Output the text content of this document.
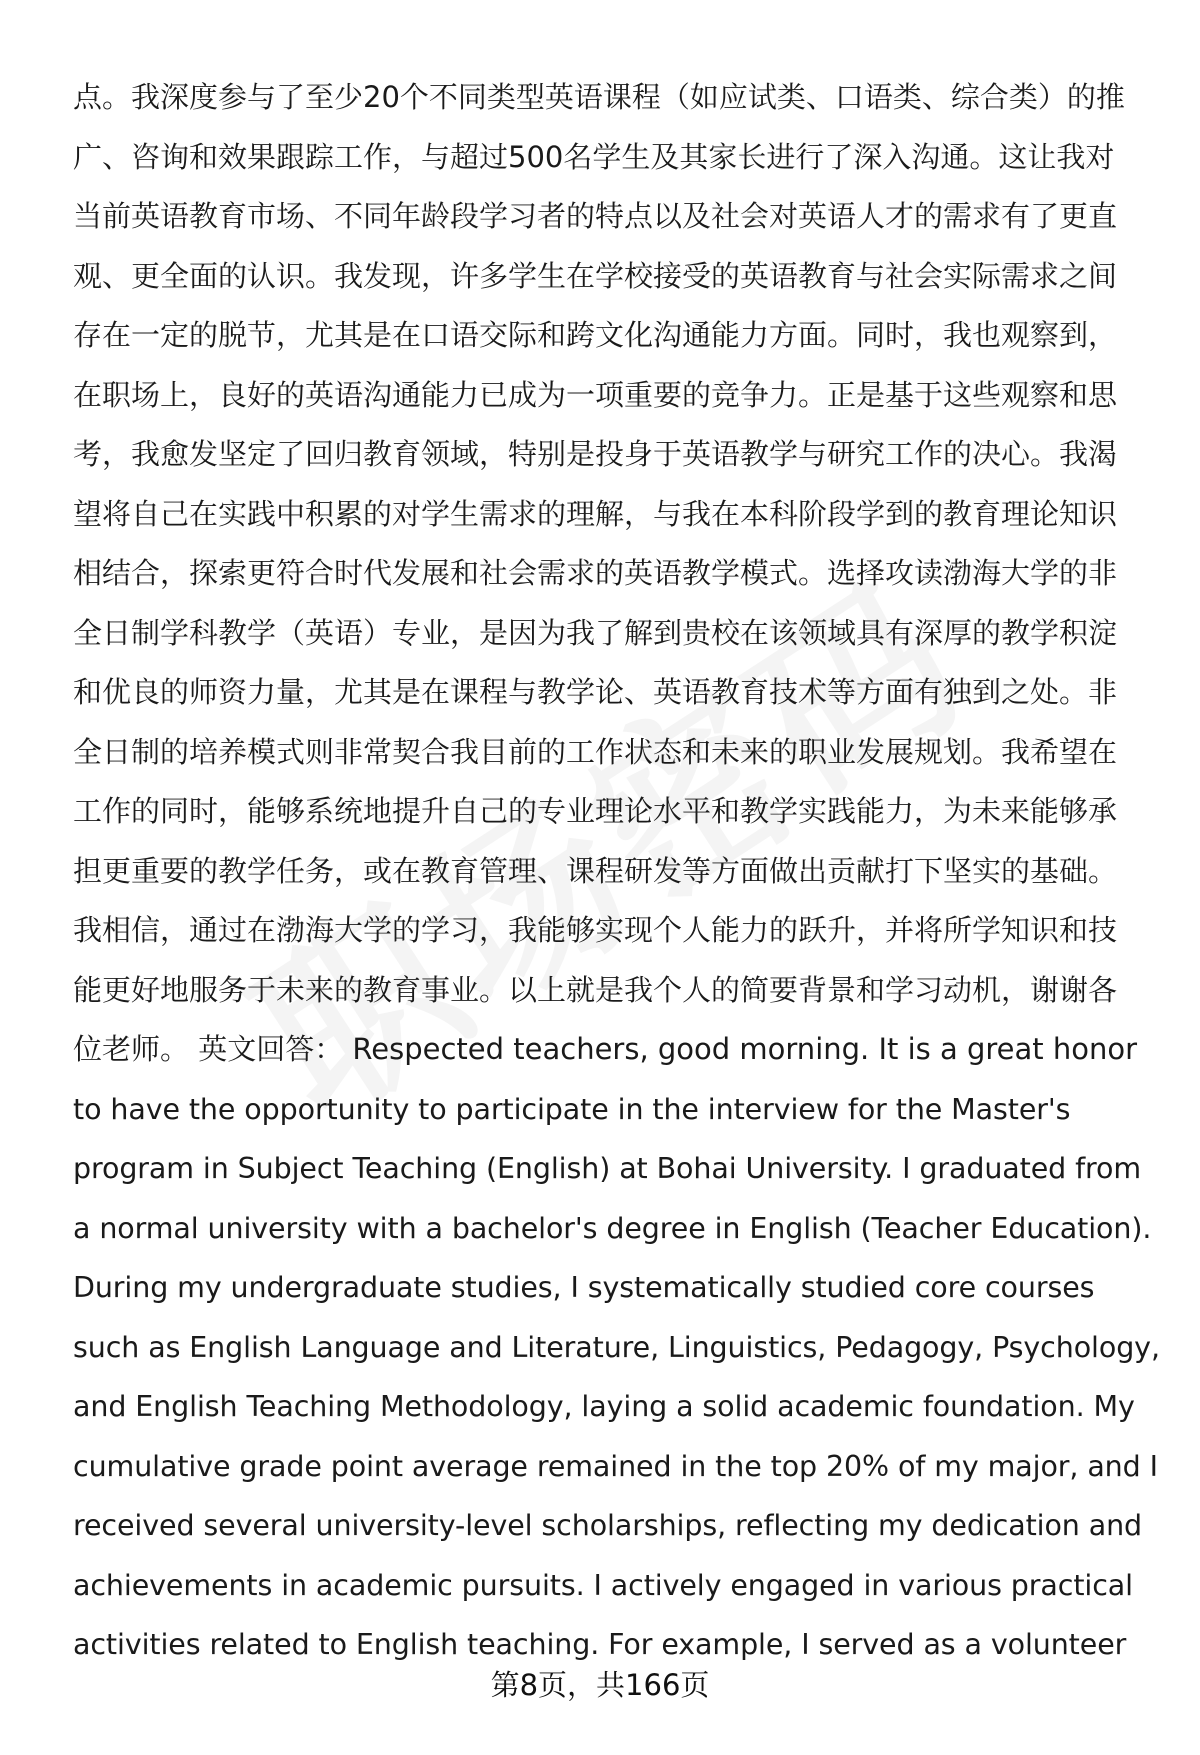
点。我深度参与了至少20个不同类型英语课程（如应试类、口语类、综合类）的推
广、咨询和效果跟踪工作，与超过500名学生及其家长进行了深入沟通。这让我对
当前英语教育市场、不同年龄段学习者的特点以及社会对英语人才的需求有了更直
观、更全面的认识。我发现，许多学生在学校接受的英语教育与社会实际需求之间
存在一定的脱节，尤其是在口语交际和跨文化沟通能力方面。同时，我也观察到，
在职场上，良好的英语沟通能力已成为一项重要的竞争力。正是基于这些观察和思
考，我愈发坚定了回归教育领域，特别是投身于英语教学与研究工作的决心。我渴
望将自己在实践中积累的对学生需求的理解，与我在本科阶段学到的教育理论知识
相结合，探索更符合时代发展和社会需求的英语教学模式。选择攻读渤海大学的非
全日制学科教学（英语）专业，是因为我了解到贵校在该领域具有深厚的教学积淀
和优良的师资力量，尤其是在课程与教学论、英语教育技术等方面有独到之处。非
全日制的培养模式则非常契合我目前的工作状态和未来的职业发展规划。我希望在
工作的同时，能够系统地提升自己的专业理论水平和教学实践能力，为未来能够承
担更重要的教学任务，或在教育管理、课程研发等方面做出贡献打下坚实的基础。
我相信，通过在渤海大学的学习，我能够实现个人能力的跃升，并将所学知识和技
能更好地服务于未来的教育事业。以上就是我个人的简要背景和学习动机，谢谢各
位老师。 英文回答： Respected teachers, good morning. It is a great honor
to have the opportunity to participate in the interview for the Master's
program in Subject Teaching (English) at Bohai University. I graduated from
a normal university with a bachelor's degree in English (Teacher Education).
During my undergraduate studies, I systematically studied core courses
such as English Language and Literature, Linguistics, Pedagogy, Psychology,
and English Teaching Methodology, laying a solid academic foundation. My
cumulative grade point average remained in the top 20% of my major, and I
received several university-level scholarships, reflecting my dedication and
achievements in academic pursuits. I actively engaged in various practical
activities related to English teaching. For example, I served as a volunteer
第8页，共166页
